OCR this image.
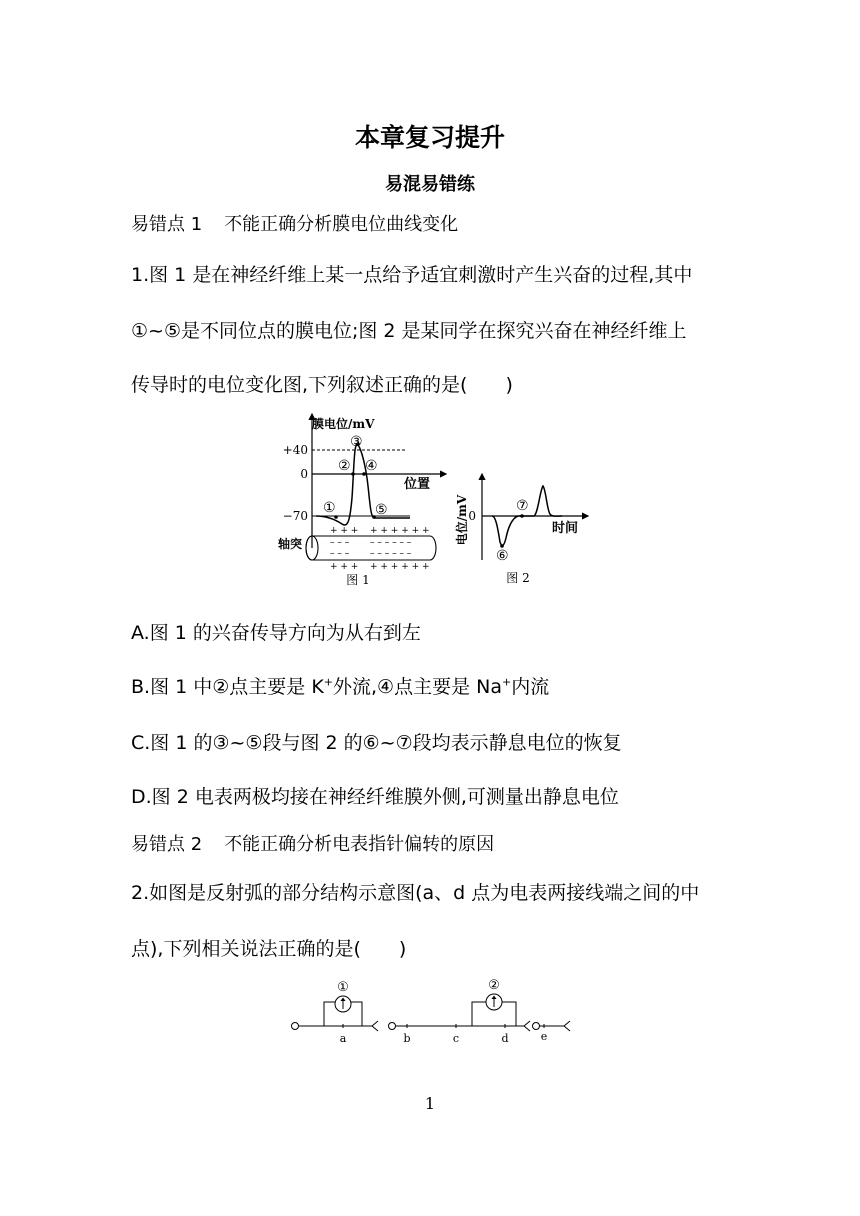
本章复习提升
易混易错练
易错点 1 不能正确分析膜电位曲线变化
1.图 1 是在神经纤维上某一点给予适宜刺激时产生兴奋的过程,其中
①~⑤是不同位点的膜电位;图 2 是某同学在探究兴奋在神经纤维上
传导时的电位变化图,下列叙述正确的是(　　)
膜电位/mV
+40
0
−70
位置
①
②
③
④
⑤
轴突
+ + + + + + + + +
– – – – – – – – –
– – – – – – – – –
+ + + + + + + + +
图 1
电位/mV 0
时间
⑥
⑦
图 2
A.图 1 的兴奋传导方向为从右到左
B.图 1 中②点主要是 K+外流,④点主要是 Na+内流
C.图 1 的③~⑤段与图 2 的⑥~⑦段均表示静息电位的恢复
D.图 2 电表两极均接在神经纤维膜外侧,可测量出静息电位
易错点 2 不能正确分析电表指针偏转的原因
2.如图是反射弧的部分结构示意图(a、d 点为电表两接线端之间的中
点),下列相关说法正确的是(　　)
①	②
a	b	c	d	e
1
